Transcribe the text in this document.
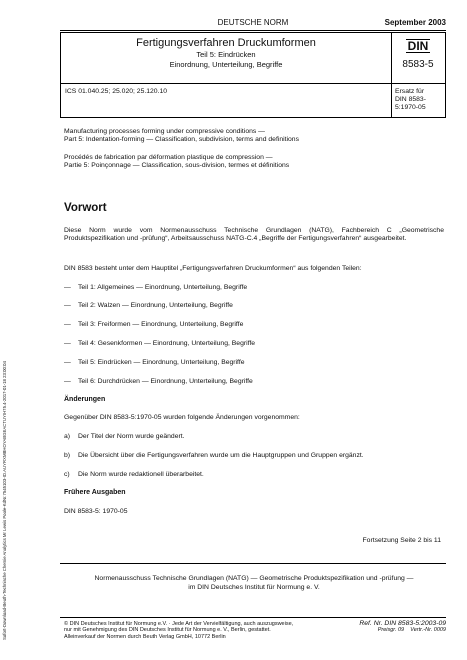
DEUTSCHE NORM	September 2003
Fertigungsverfahren Druckumformen
Teil 5: Eindrücken
Einordnung, Unterteilung, Begriffe
DIN
8583-5
ICS 01.040.25; 25.020; 25.120.10	Ersatz für
DIN 8583-5:1970-05
Manufacturing processes forming under compressive conditions —
Part 5: Indentation-forming — Classification, subdivision, terms and definitions
Procédés de fabrication par déformation plastique de compression —
Partie 5: Poinçonnage — Classification, sous-division, termes et définitions
Vorwort
Diese Norm wurde vom Normenausschuss Technische Grundlagen (NATG), Fachbereich C „Geometrische Produktspezifikation und -prüfung“, Arbeitsausschuss NATG-C.4 „Begriffe der Fertigungsverfahren“ ausgearbeitet.
DIN 8583 besteht unter dem Hauptitel „Fertigungsverfahren Druckumformen“ aus folgenden Teilen:
— Teil 1: Allgemeines — Einordnung, Unterteilung, Begriffe
— Teil 2: Walzen — Einordnung, Unterteilung, Begriffe
— Teil 3: Freiformen — Einordnung, Unterteilung, Begriffe
— Teil 4: Gesenkformen — Einordnung, Unterteilung, Begriffe
— Teil 5: Eindrücken — Einordnung, Unterteilung, Begriffe
— Teil 6: Durchdrücken — Einordnung, Unterteilung, Begriffe
Änderungen
Gegenüber DIN 8583-5:1970-05 wurden folgende Änderungen vorgenommen:
a) Der Titel der Norm wurde geändert.
b) Die Übersicht über die Fertigungsverfahren wurde um die Hauptgruppen und Gruppen ergänzt.
c) Die Norm wurde redaktionell überarbeitet.
Frühere Ausgaben
DIN 8583-5: 1970-05
Fortsetzung Seite 2 bis 11
Normenausschuss Technische Grundlagen (NATG) — Geometrische Produktspezifikation und -prüfung —
im DIN Deutsches Institut für Normung e. V.
© DIN Deutsches Institut für Normung e.V. · Jede Art der Vervielfältigung, auch auszugsweise,
nur mit Genehmigung des DIN Deutsches Institut für Normung e. V., Berlin, gestattet.
Alleinverkauf der Normen durch Beuth Verlag GmbH, 10772 Berlin
Ref. Nr. DIN 8583-5:2003-09
Preisgr. 09 Vertr.-Nr. 0009
Sofort-Download-Beuth-Technische Chemie Analytics Mr Lewis Poole-KdNr.7545103-ID.AUYRXMBHOYABGEACTUYIH75.4-2017-01-18 23:00:04
